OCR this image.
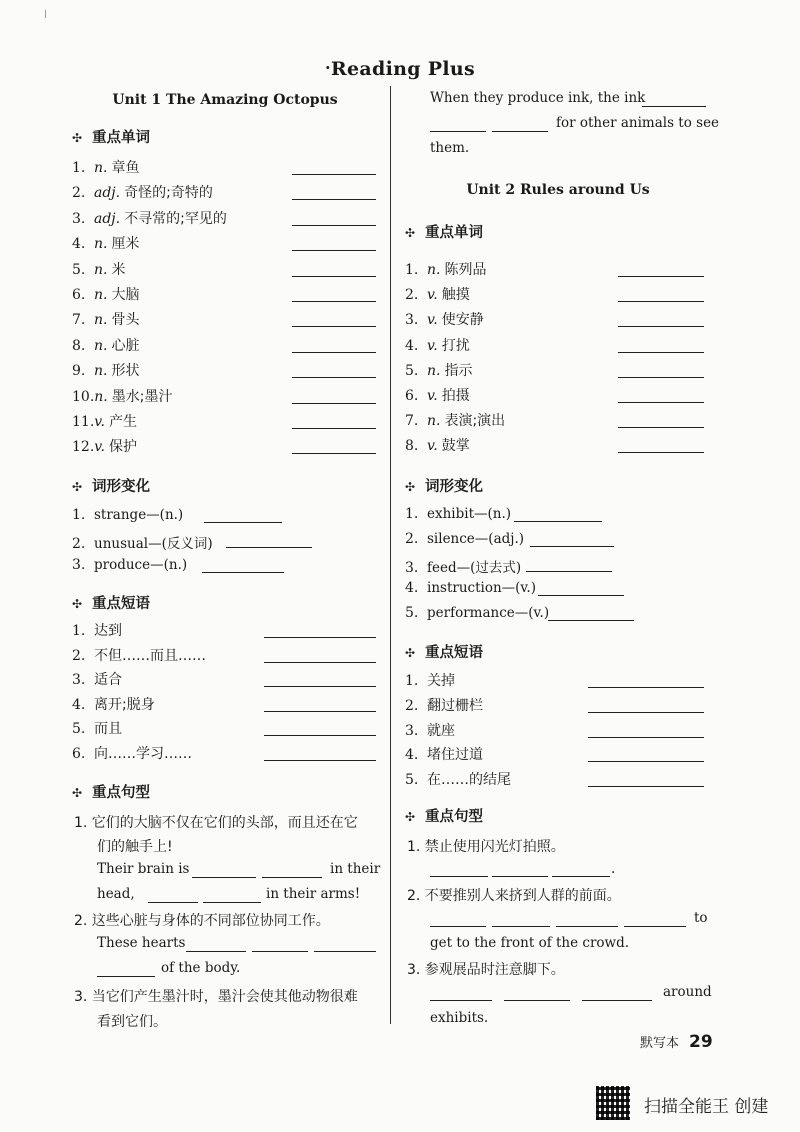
·Reading Plus
Unit 1 The Amazing Octopus
✣ 重点单词
1. n. 章鱼
2. adj. 奇怪的;奇特的
3. adj. 不寻常的;罕见的
4. n. 厘米
5. n. 米
6. n. 大脑
7. n. 骨头
8. n. 心脏
9. n. 形状
10.n. 墨水;墨汁
11.v. 产生
12.v. 保护
✣ 词形变化
1. strange—(n.)
2. unusual—(反义词)
3. produce—(n.)
✣ 重点短语
1. 达到
2. 不但……而且……
3. 适合
4. 离开;脱身
5. 而且
6. 向……学习……
✣ 重点句型
1. 它们的大脑不仅在它们的头部，而且还在它
们的触手上!
Their brain is	in their
head,	in their arms!
2. 这些心脏与身体的不同部位协同工作。
These hearts
of the body.
3. 当它们产生墨汁时，墨汁会使其他动物很难
看到它们。
When they produce ink, the ink
for other animals to see
them.
Unit 2 Rules around Us
✣ 重点单词
1. n. 陈列品
2. v. 触摸
3. v. 使安静
4. v. 打扰
5. n. 指示
6. v. 拍摄
7. n. 表演;演出
8. v. 鼓掌
✣ 词形变化
1. exhibit—(n.)
2. silence—(adj.)
3. feed—(过去式)
4. instruction—(v.)
5. performance—(v.)
✣ 重点短语
1. 关掉
2. 翻过栅栏
3. 就座
4. 堵住过道
5. 在……的结尾
✣ 重点句型
1. 禁止使用闪光灯拍照。
.
2. 不要推别人来挤到人群的前面。
to
get to the front of the crowd.
3. 参观展品时注意脚下。
around
exhibits.
默写本 29
扫描全能王 创建
